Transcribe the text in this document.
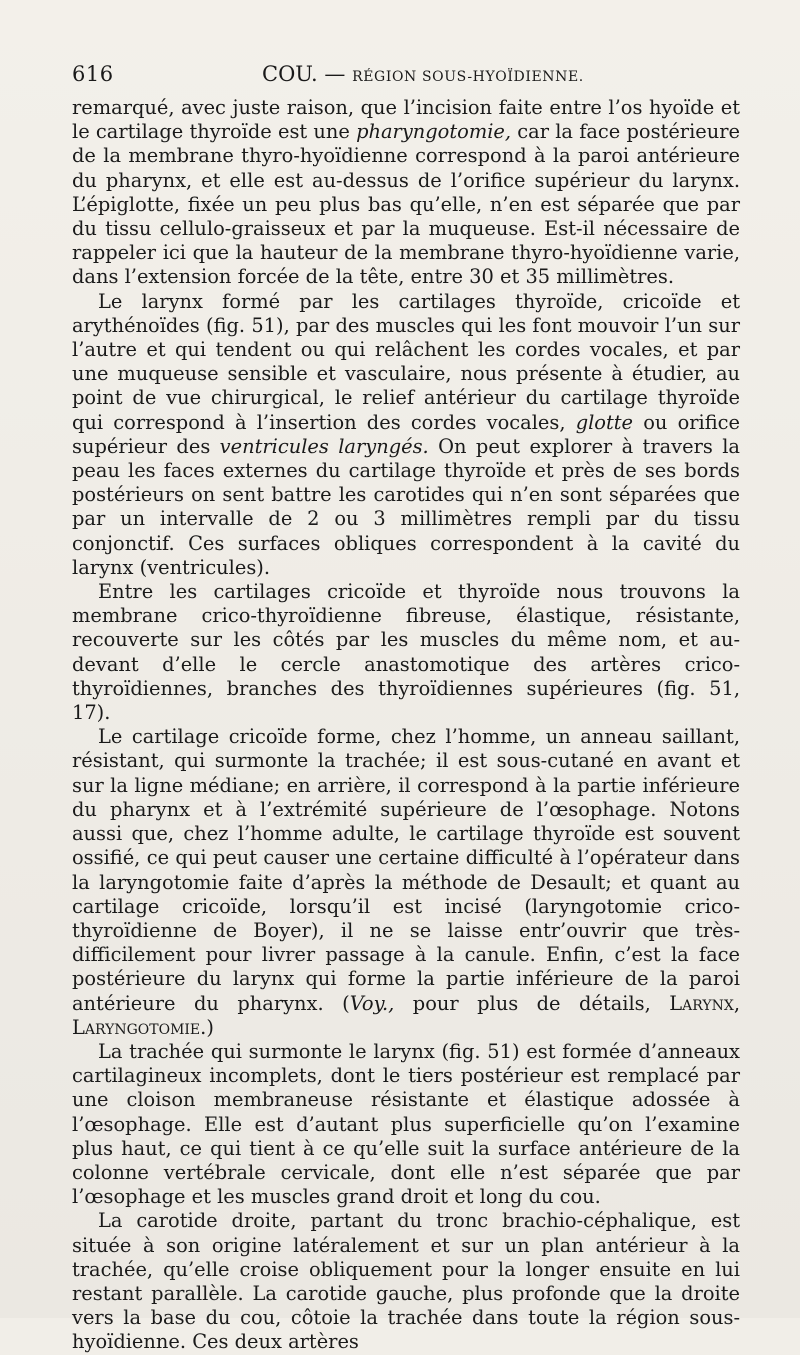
616	COU. — RÉGION SOUS-HYOÏDIENNE.

remarqué, avec juste raison, que l’incision faite entre l’os hyoïde et le cartilage thyroïde est une pharyngotomie, car la face postérieure de la membrane thyro-hyoïdienne correspond à la paroi antérieure du pharynx, et elle est au-dessus de l’orifice supérieur du larynx. L’épiglotte, fixée un peu plus bas qu’elle, n’en est séparée que par du tissu cellulo-graisseux et par la muqueuse. Est-il nécessaire de rappeler ici que la hauteur de la membrane thyro-hyoïdienne varie, dans l’extension forcée de la tête, entre 30 et 35 millimètres.

Le larynx formé par les cartilages thyroïde, cricoïde et arythénoïdes (fig. 51), par des muscles qui les font mouvoir l’un sur l’autre et qui tendent ou qui relâchent les cordes vocales, et par une muqueuse sensible et vasculaire, nous présente à étudier, au point de vue chirurgical, le relief antérieur du cartilage thyroïde qui correspond à l’insertion des cordes vocales, glotte ou orifice supérieur des ventricules laryngés. On peut explorer à travers la peau les faces externes du cartilage thyroïde et près de ses bords postérieurs on sent battre les carotides qui n’en sont séparées que par un intervalle de 2 ou 3 millimètres rempli par du tissu conjonctif. Ces surfaces obliques correspondent à la cavité du larynx (ventricules).

Entre les cartilages cricoïde et thyroïde nous trouvons la membrane crico-thyroïdienne fibreuse, élastique, résistante, recouverte sur les côtés par les muscles du même nom, et au-devant d’elle le cercle anastomotique des artères crico-thyroïdiennes, branches des thyroïdiennes supérieures (fig. 51, 17).

Le cartilage cricoïde forme, chez l’homme, un anneau saillant, résistant, qui surmonte la trachée; il est sous-cutané en avant et sur la ligne médiane; en arrière, il correspond à la partie inférieure du pharynx et à l’extrémité supérieure de l’œsophage. Notons aussi que, chez l’homme adulte, le cartilage thyroïde est souvent ossifié, ce qui peut causer une certaine difficulté à l’opérateur dans la laryngotomie faite d’après la méthode de Desault; et quant au cartilage cricoïde, lorsqu’il est incisé (laryngotomie crico-thyroïdienne de Boyer), il ne se laisse entr’ouvrir que très-difficilement pour livrer passage à la canule. Enfin, c’est la face postérieure du larynx qui forme la partie inférieure de la paroi antérieure du pharynx. (Voy., pour plus de détails, Larynx, Laryngotomie.)

La trachée qui surmonte le larynx (fig. 51) est formée d’anneaux cartilagineux incomplets, dont le tiers postérieur est remplacé par une cloison membraneuse résistante et élastique adossée à l’œsophage. Elle est d’autant plus superficielle qu’on l’examine plus haut, ce qui tient à ce qu’elle suit la surface antérieure de la colonne vertébrale cervicale, dont elle n’est séparée que par l’œsophage et les muscles grand droit et long du cou.

La carotide droite, partant du tronc brachio-céphalique, est située à son origine latéralement et sur un plan antérieur à la trachée, qu’elle croise obliquement pour la longer ensuite en lui restant parallèle. La carotide gauche, plus profonde que la droite vers la base du cou, côtoie la trachée dans toute la région sous-hyoïdienne. Ces deux artères
